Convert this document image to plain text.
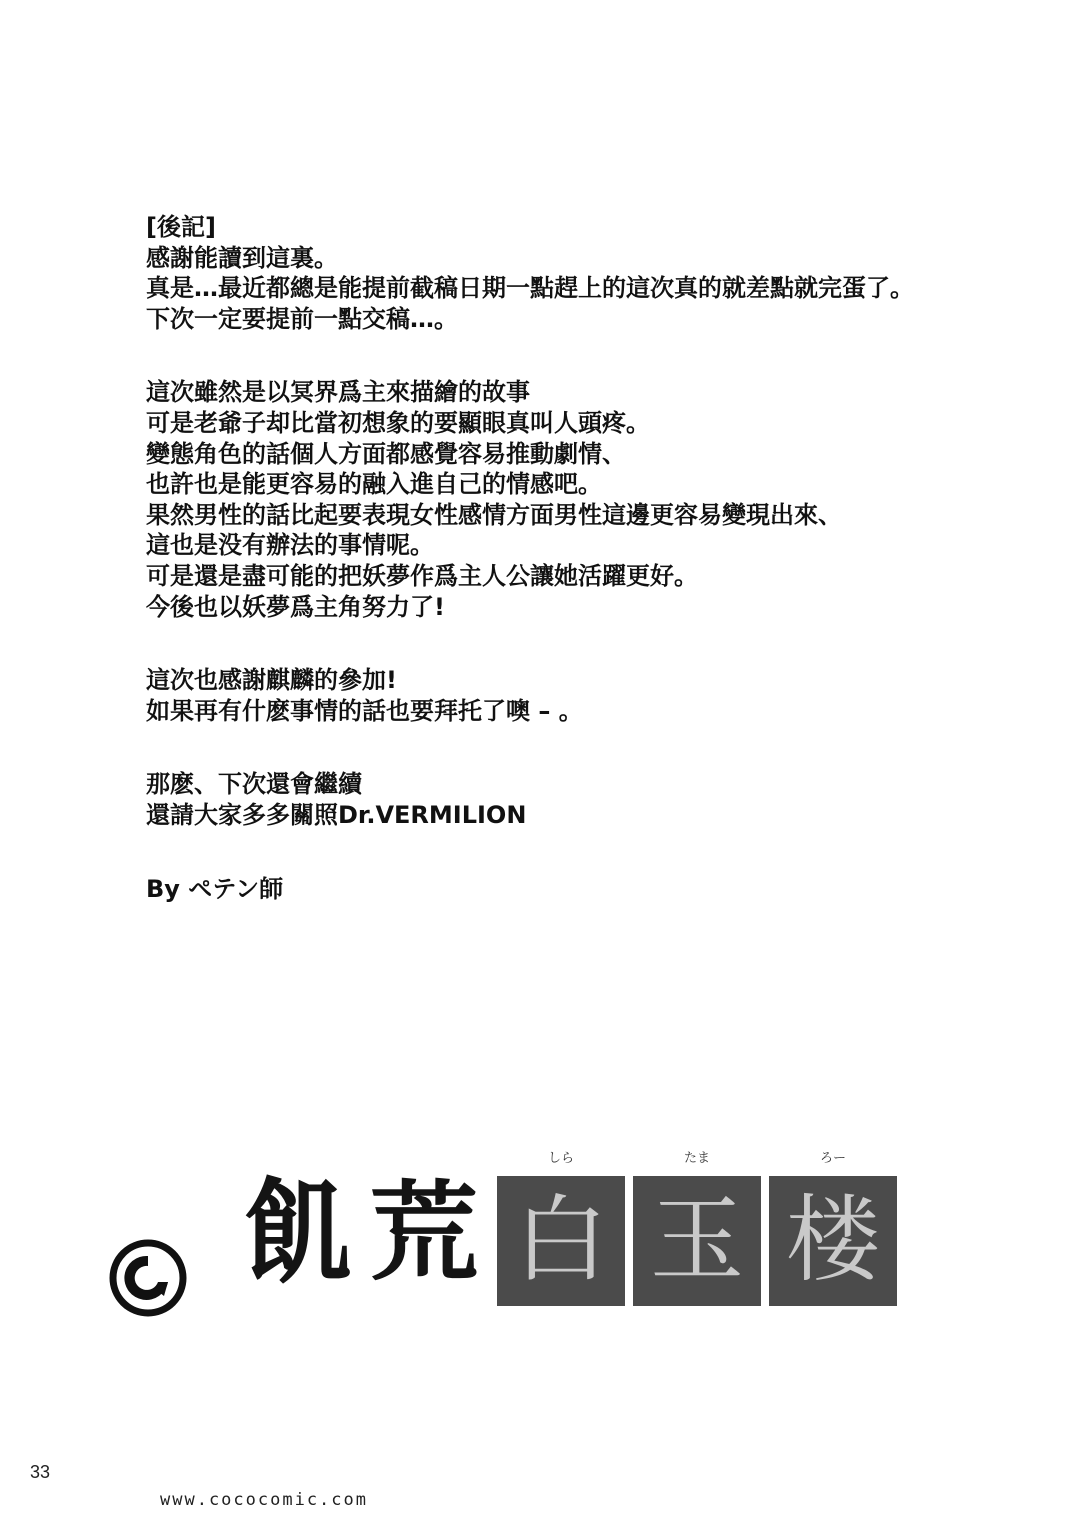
[後記]
感謝能讀到這裏。
真是…最近都總是能提前截稿日期一點趕上的這次真的就差點就完蛋了。
下次一定要提前一點交稿…。
這次雖然是以冥界爲主來描繪的故事
可是老爺子却比當初想象的要顯眼真叫人頭疼。
變態角色的話個人方面都感覺容易推動劇情、
也許也是能更容易的融入進自己的情感吧。
果然男性的話比起要表現女性感情方面男性這邊更容易變現出來、
這也是没有辦法的事情呢。
可是還是盡可能的把妖夢作爲主人公讓她活躍更好。
今後也以妖夢爲主角努力了!
這次也感謝麒麟的參加!
如果再有什麽事情的話也要拜托了噢 – 。
那麽、下次還會繼續
還請大家多多關照Dr.VERMILION
By ペテン師
飢 荒
しら	たま	ろー
白 玉 楼
33
www.cococomic.com
